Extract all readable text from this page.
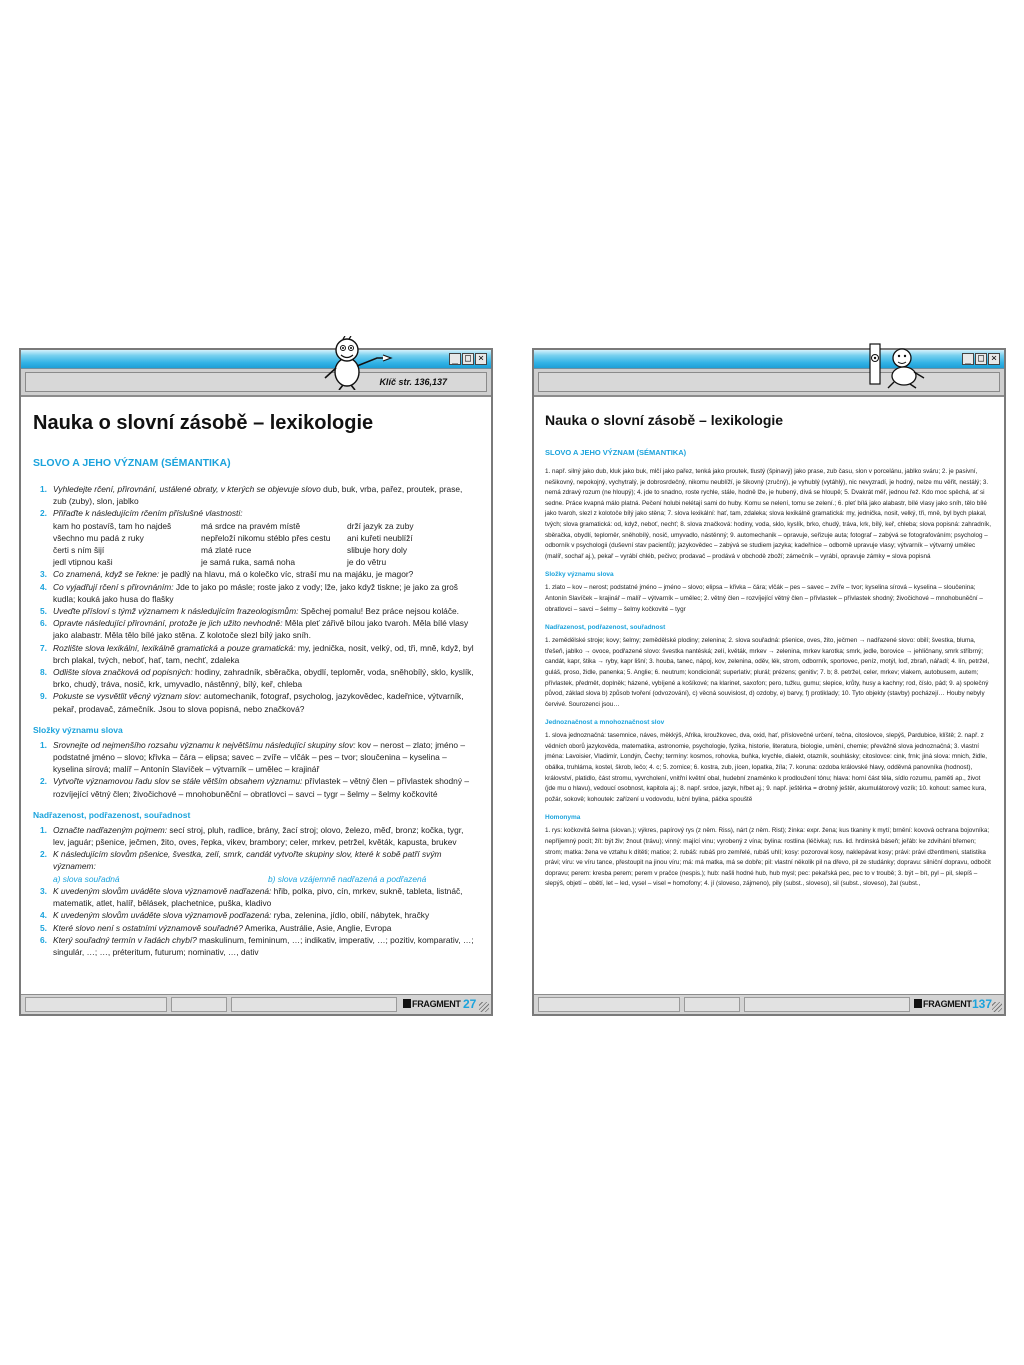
_ □ ×
Klíč str. 136,137
Nauka o slovní zásobě – lexikologie
SLOVO A JEHO VÝZNAM (SÉMANTIKA)
1. Vyhledejte rčení, přirovnání, ustálené obraty, v kterých se objevuje slovo dub, buk, vrba, pařez, proutek, prase, zub (zuby), slon, jablko
2. Přiřaďte k následujícím rčením příslušné vlastnosti:
kam ho postavíš, tam ho najdeš	má srdce na pravém místě	drží jazyk za zuby
všechno mu padá z ruky	nepřeloží nikomu stéblo přes cestu	ani kuřeti neublíží
čerti s ním šijí	má zlaté ruce	slibuje hory doly
jedl vtipnou kaši	je samá ruka, samá noha	je do větru
3. Co znamená, když se řekne: je padlý na hlavu, má o kolečko víc, straší mu na majáku, je magor?
4. Co vyjadřují rčení s přirovnáním: Jde to jako po másle; roste jako z vody; lže, jako když tiskne; je jako za groš kudla; kouká jako husa do flašky
5. Uveďte přísloví s týmž významem k následujícím frazeologismům: Spěchej pomalu! Bez práce nejsou koláče.
6. Opravte následující přirovnání, protože je jich užito nevhodně: Měla pleť zářivě bílou jako tvaroh. Měla bílé vlasy jako alabastr. Měla tělo bílé jako stěna. Z kolotoče slezl bílý jako sníh.
7. Rozlište slova lexikální, lexikálně gramatická a pouze gramatická: my, jednička, nosit, velký, od, tři, mně, když, byl brch plakal, tvých, neboť, hať, tam, nechť, zdaleka
8. Odlište slova značková od popisných: hodiny, zahradník, sběračka, obydlí, teploměr, voda, sněhobílý, sklo, kyslík, brko, chudý, tráva, nosič, krk, umyvadlo, nástěnný, bílý, keř, chleba
9. Pokuste se vysvětlit věcný význam slov: automechanik, fotograf, psycholog, jazykovědec, kadeřnice, výtvarník, pekař, prodavač, zámečník. Jsou to slova popisná, nebo značková?
Složky významu slova
1. Srovnejte od nejmenšího rozsahu významu k největšímu následující skupiny slov: kov – nerost – zlato; jméno – podstatné jméno – slovo; křivka – čára – elipsa; savec – zvíře – vlčák – pes – tvor; sloučenina – kyselina – kyselina sírová; malíř – Antonín Slavíček – výtvarník – umělec – krajinář
2. Vytvořte významovou řadu slov se stále větším obsahem významu: přívlastek – větný člen – přívlastek shodný – rozvíjející větný člen; živočichové – mnohobuněční – obratlovci – savci – tygr – šelmy – šelmy kočkovité
Nadřazenost, podřazenost, souřadnost
1. Označte nadřazeným pojmem: secí stroj, pluh, radlice, brány, žací stroj; olovo, železo, měď, bronz; kočka, tygr, lev, jaguár; pšenice, ječmen, žito, oves, řepka, vikev, brambory; celer, mrkev, petržel, květák, kapusta, brukev
2. K následujícím slovům pšenice, švestka, zelí, smrk, candát vytvořte skupiny slov, které k sobě patří svým významem:
a) slova souřadná	b) slova vzájemně nadřazená a podřazená
3. K uvedeným slovům uváděte slova významově nadřazená: hřib, polka, pivo, cín, mrkev, sukně, tableta, listnáč, matematik, atlet, halíř, bělásek, plachetnice, puška, kladivo
4. K uvedeným slovům uváděte slova významově podřazená: ryba, zelenina, jídlo, obilí, nábytek, hračky
5. Které slovo není s ostatními významově souřadné? Amerika, Austrálie, Asie, Anglie, Evropa
6. Který souřadný termín v řadách chybí? maskulinum, femininum, …; indikativ, imperativ, …; pozitiv, komparativ, …; singulár, …; …, préteritum, futurum; nominativ, …, dativ
FRAGMENT 27
_ □ ×
Nauka o slovní zásobě – lexikologie
SLOVO A JEHO VÝZNAM (SÉMANTIKA)

1. např. silný jako dub, kluk jako buk, mlčí jako pařez, tenká jako proutek, tlustý (špinavý) jako prase, zub času, slon v porcelánu, jablko sváru; 2. je pasivní, nešikovný, nepokojný, vychytralý, je dobrosrdečný, nikomu neublíží, je šikovný (zručný), je vyhublý (vytáhlý), nic nevyzradí, je hodný, nelze mu věřit, nestálý; 3. nemá zdravý rozum (ne hloupý); 4. jde to snadno, roste rychle, stále, hodně lže, je hubený, dívá se hloupě; 5. Dvakrát měř, jednou řež. Kdo moc spěchá, ať si sedne. Práce kvapná málo platná. Pečení holubi nelétají sami do huby. Komu se nelení, tomu se zelení.; 6. pleť bílá jako alabastr, bílé vlasy jako sníh, tělo bílé jako tvaroh, slezl z kolotoče bílý jako stěna; 7. slova lexikální: hať, tam, zdaleka; slova lexikálně gramatická: my, jednička, nosit, velký, tři, mně, byl bych plakal, tvých; slova gramatická: od, když, neboť, nechť; 8. slova značková: hodiny, voda, sklo, kyslík, brko, chudý, tráva, krk, bílý, keř, chleba; slova popisná: zahradník, sběračka, obydlí, teploměr, sněhobílý, nosič, umyvadlo, nástěnný; 9. automechanik – opravuje, seřizuje auta; fotograf – zabývá se fotografováním; psycholog – odborník v psychologii (duševní stav pacientů); jazykovědec – zabývá se studiem jazyka; kadeřnice – odborně upravuje vlasy; výtvarník – výtvarný umělec (malíř, sochař aj.), pekař – vyrábí chléb, pečivo; prodavač – prodává v obchodě zboží; zámečník – vyrábí, opravuje zámky = slova popisná

Složky významu slova

1. zlato – kov – nerost; podstatné jméno – jméno – slovo; elipsa – křivka – čára; vlčák – pes – savec – zvíře – tvor; kyselina sírová – kyselina – sloučenina; Antonín Slavíček – krajinář – malíř – výtvarník – umělec; 2. větný člen – rozvíjející větný člen – přívlastek – přívlastek shodný; živočichové – mnohobuněční – obratlovci – savci – šelmy – šelmy kočkovité – tygr

Nadřazenost, podřazenost, souřadnost

1. zemědělské stroje; kovy; šelmy; zemědělské plodiny; zelenina; 2. slova souřadná: pšenice, oves, žito, ječmen → nadřazené slovo: obilí; švestka, bluma, třešeň, jablko → ovoce, podřazené slovo: švestka nantéská; zelí, květák, mrkev → zelenina, mrkev karotka; smrk, jedle, borovice → jehličnany, smrk stříbrný; candát, kapr, štika → ryby, kapr lišní; 3. houba, tanec, nápoj, kov, zelenina, oděv, lék, strom, odborník, sportovec, peníz, motýl, loď, zbraň, nářadí; 4. lín, petržel, guláš, proso, židle, panenka; 5. Anglie; 6. neutrum; kondicionál; superlativ; plurál; prézens; genitiv; 7. b; 8. petržel, celer, mrkev; vlakem, autobusem, autem; přívlastek, předmět, doplněk; házené, vybíjené a košíkové; na klarinet, saxofon; pero, tužku, gumu; slepice, krůty, husy a kachny; rod, číslo, pád; 9. a) společný původ, základ slova b) způsob tvoření (odvozování), c) věcná souvislost, d) ozdoby, e) barvy, f) protiklady; 10. Tyto objekty (stavby) pocházejí… Houby nebyly červivé. Sourozenci jsou…

Jednoznačnost a mnohoznačnost slov

1. slova jednoznačná: tasemnice, náves, měkkýš, Afrika, kroužkovec, dva, oxid, hať, příslovečné určení, tečna, citoslovce, slepýš, Pardubice, klíště; 2. např. z vědních oborů jazykověda, matematika, astronomie, psychologie, fyzika, historie, literatura, biologie, umění, chemie; převážně slova jednoznačná; 3. vlastní jména: Lavoisier, Vladimír, Londýn, Čechy; termíny: kosmos, rohovka, buňka, krychle, dialekt, otazník, souhlásky; citoslovce: cink, frnk; jiná slova: mnich, židle, obálka, truhlárna, kostel, škrob, lečo; 4. c; 5. zornice; 6. kostra, zub, jícen, lopatka, žíla; 7. koruna: ozdoba královské hlavy, odděvná panovníka (hodnost), království, platidlo, část stromu, vyvrcholení, vnitřní květní obal, hudební znaménko k prodloužení tónu; hlava: horní část těla, sídlo rozumu, paměti ap., život (jde mu o hlavu), vedoucí osobnost, kapitola aj.; 8. např. srdce, jazyk, hřbet aj.; 9. např. ještěrka = drobný ještěr, akumulátorový vozík; 10. kohout: samec kura, požár, sokově; kohoutek: zařízení u vodovodu, luční bylina, páčka spouště

Homonyma

1. rys: kočkovitá šelma (slovan.); výkres, papírový rys (z něm. Riss), nárt (z něm. Rist); žínka: expr. žena; kus tkaniny k mytí; brnění: kovová ochrana bojovníka; nepříjemný pocit; žít: být živ; žnout (trávu); vinný: mající vinu; vyrobený z vína; bylina: rostlina (léčivka); rus. lid. hrdinská báseň; jeřáb: ke zdvihání břemen; strom; matka: žena ve vztahu k dítěti; matice; 2. rubáš: rubáš pro zemřelé, rubáš uhlí; kosy: pozoroval kosy, naklepávat kosy; právi: právi džentlmeni, statistika právi; víru: ve víru tance, přestoupit na jinou víru; má: má matka, má se dobře; pil: vlastní několik pil na dřevo, pil ze studánky; dopravu: silniční dopravu, odbočit dopravu; perem: kresba perem; perem v pračce (nespis.); hub: našli hodné hub, hub mysl; pec: pekařská pec, pec to v troubě; 3. být – bít, pyl – pil, slepíš – slepýš, objetí – obětí, let – led, vysel – visel = homofony; 4. jí (sloveso, zájmeno), pily (subst., sloveso), sil (subst., sloveso), žal (subst.,

FRAGMENT 137
